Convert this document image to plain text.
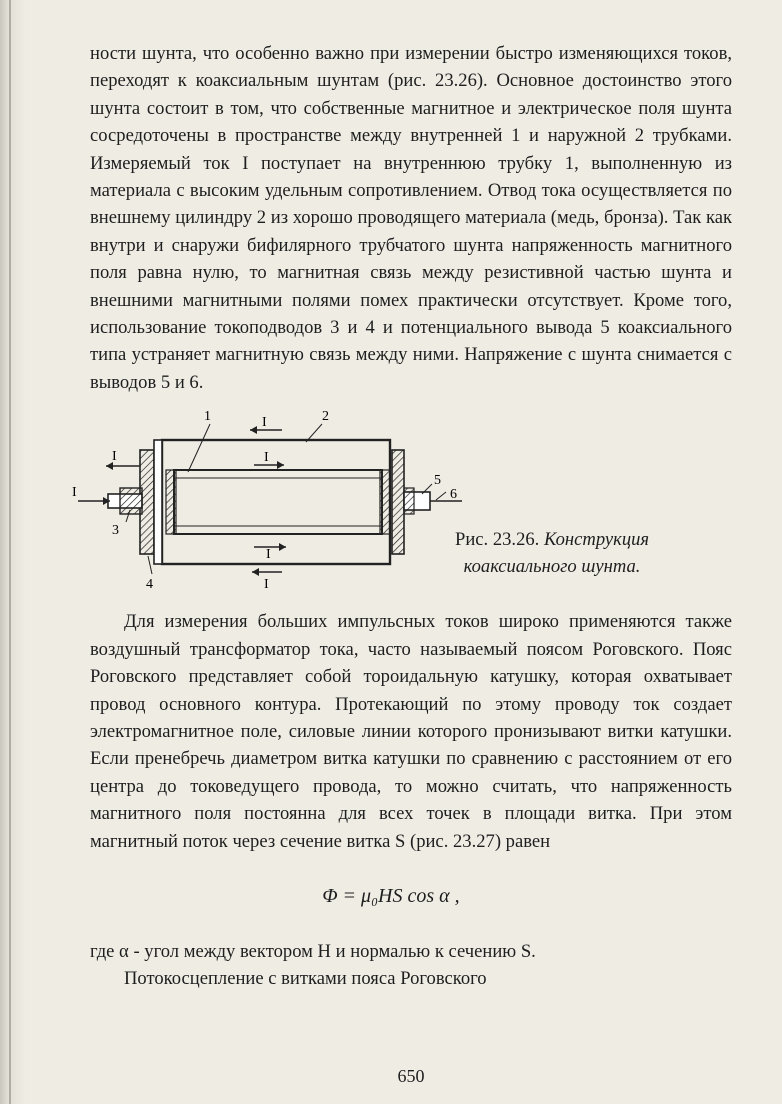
ности шунта, что особенно важно при измерении быстро изменяющихся токов, переходят к коаксиальным шунтам (рис. 23.26). Основное достоинство этого шунта состоит в том, что собственные магнитное и электрическое поля шунта сосредоточены в пространстве между внутренней 1 и наружной 2 трубками. Измеряемый ток I поступает на внутреннюю трубку 1, выполненную из материала с высоким удельным сопротивлением. Отвод тока осуществляется по внешнему цилиндру 2 из хорошо проводящего материала (медь, бронза). Так как внутри и снаружи бифилярного трубчатого шунта напряженность магнитного поля равна нулю, то магнитная связь между резистивной частью шунта и внешними магнитными полями помех практически отсутствует. Кроме того, использование токоподводов 3 и 4 и потенциального вывода 5 коаксиального типа устраняет магнитную связь между ними. Напряжение с шунта снимается с выводов 5 и 6.

1	2
3
4
5
6
I
I
I
I
I
I
Рис. 23.26. Конструкция
коаксиального шунта.

Для измерения больших импульсных токов широко применяются также воздушный трансформатор тока, часто называемый поясом Роговского. Пояс Роговского представляет собой тороидальную катушку, которая охватывает провод основного контура. Протекающий по этому проводу ток создает электромагнитное поле, силовые линии которого пронизывают витки катушки. Если пренебречь диаметром витка катушки по сравнению с расстоянием от его центра до токоведущего провода, то можно считать, что напряженность магнитного поля постоянна для всех точек в площади витка. При этом магнитный поток через сечение витка S (рис. 23.27) равен

Φ = μ₀HS cos α ,

где α - угол между вектором H и нормалью к сечению S.

Потокосцепление с витками пояса Роговского

650
